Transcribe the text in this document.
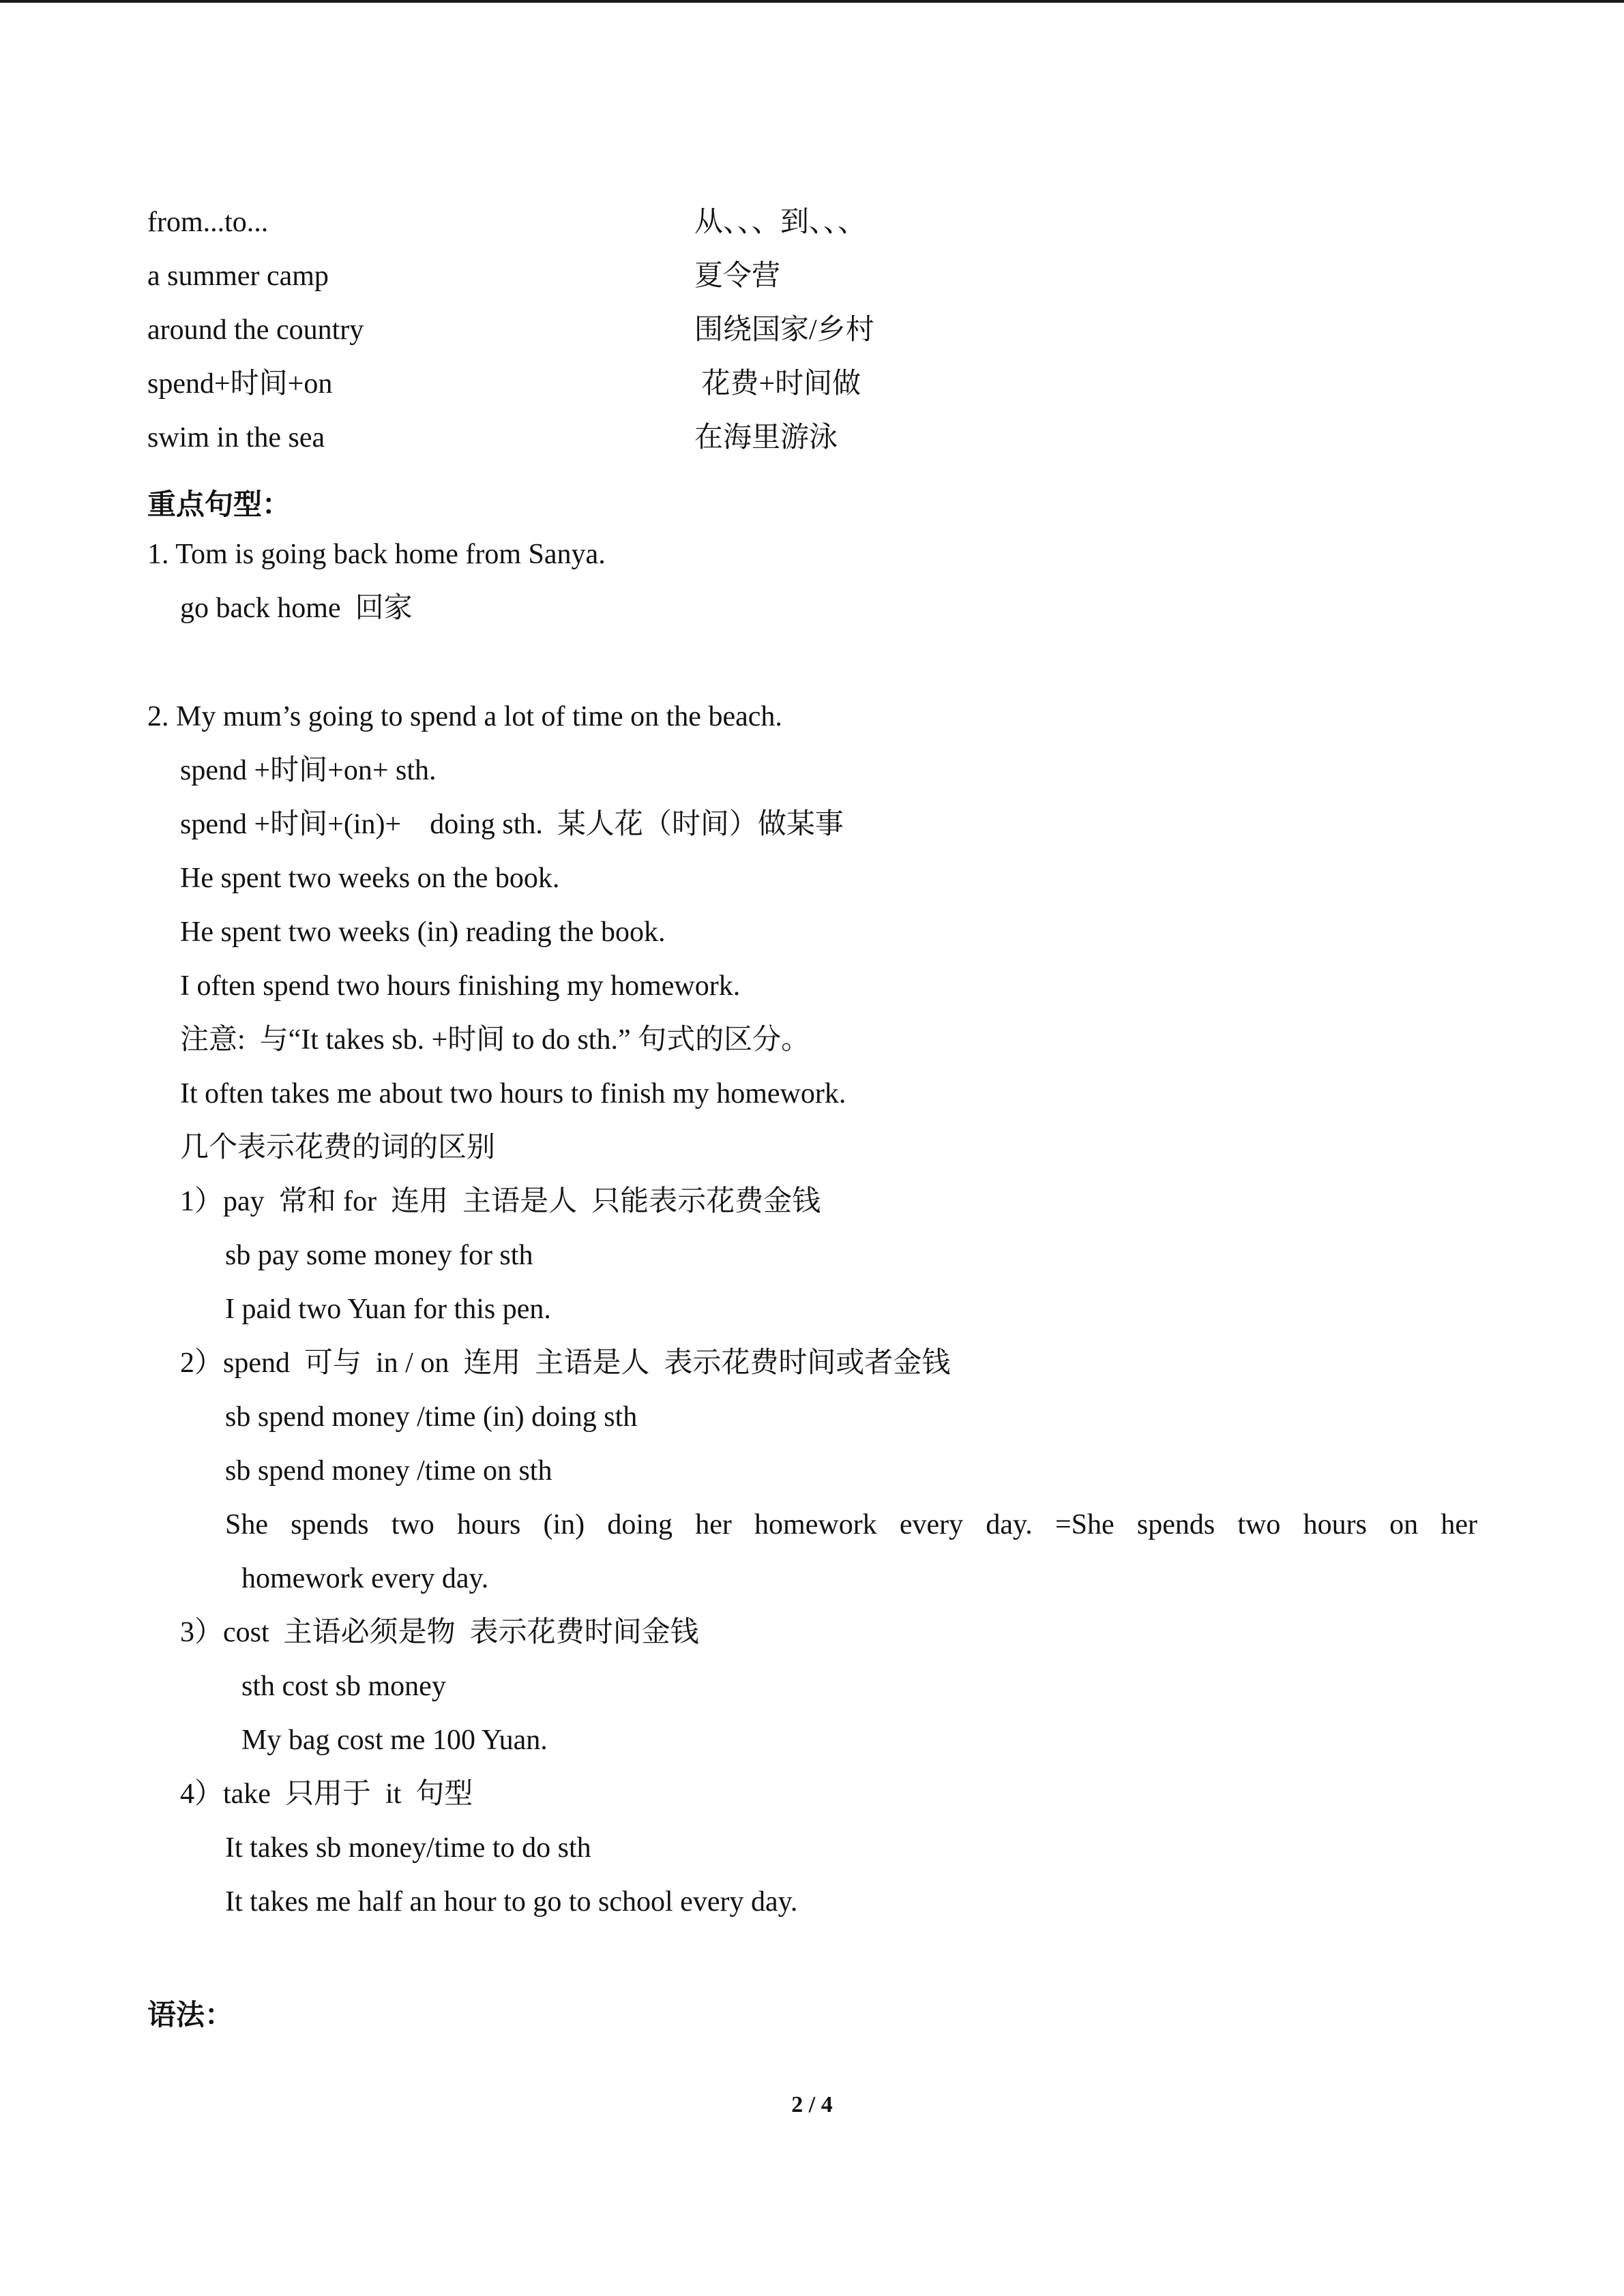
from...to...	从、、、到、、、
a summer camp	夏令营
around the country	围绕国家/乡村
spend+时间+on	花费+时间做
swim in the sea	在海里游泳
重点句型：
1. Tom is going back home from Sanya.
go back home  回家
2. My mum’s going to spend a lot of time on the beach.
spend +时间+on+ sth.
spend +时间+(in)+    doing sth.  某人花（时间）做某事
He spent two weeks on the book.
He spent two weeks (in) reading the book.
I often spend two hours finishing my homework.
注意:  与“It takes sb. +时间 to do sth.” 句式的区分。
It often takes me about two hours to finish my homework.
几个表示花费的词的区别
1）pay  常和 for  连用  主语是人  只能表示花费金钱
sb pay some money for sth
I paid two Yuan for this pen.
2）spend  可与  in / on  连用  主语是人  表示花费时间或者金钱
sb spend money /time (in) doing sth
sb spend money /time on sth
She spends two hours (in) doing her homework every day. =She spends two hours on her
homework every day.
3）cost  主语必须是物  表示花费时间金钱
sth cost sb money
My bag cost me 100 Yuan.
4）take  只用于  it  句型
It takes sb money/time to do sth
It takes me half an hour to go to school every day.
语法：
2 / 4
